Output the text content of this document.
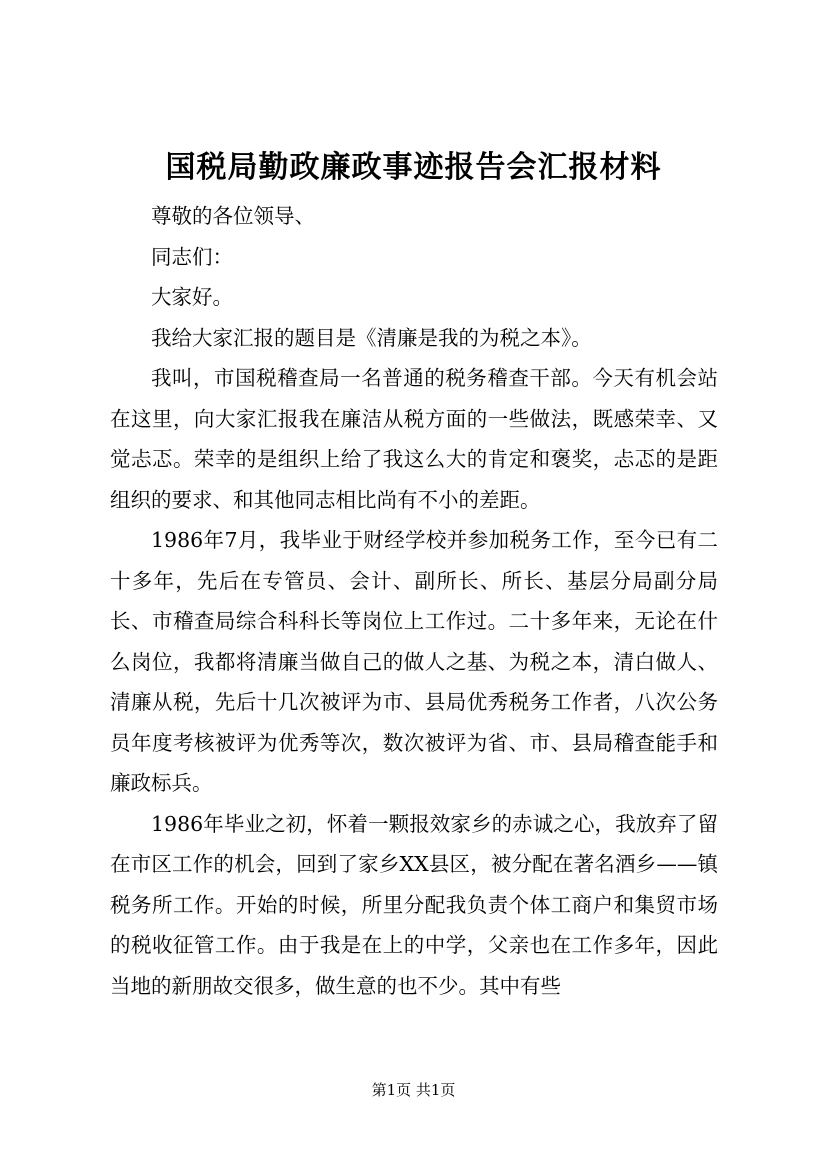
国税局勤政廉政事迹报告会汇报材料

尊敬的各位领导、

同志们：

大家好。

我给大家汇报的题目是《清廉是我的为税之本》。

我叫，市国税稽查局一名普通的税务稽查干部。今天有机会站在这里，向大家汇报我在廉洁从税方面的一些做法，既感荣幸、又觉忐忑。荣幸的是组织上给了我这么大的肯定和褒奖，忐忑的是距组织的要求、和其他同志相比尚有不小的差距。

1986年7月，我毕业于财经学校并参加税务工作，至今已有二十多年，先后在专管员、会计、副所长、所长、基层分局副分局长、市稽查局综合科科长等岗位上工作过。二十多年来，无论在什么岗位，我都将清廉当做自己的做人之基、为税之本，清白做人、清廉从税，先后十几次被评为市、县局优秀税务工作者，八次公务员年度考核被评为优秀等次，数次被评为省、市、县局稽查能手和廉政标兵。

1986年毕业之初，怀着一颗报效家乡的赤诚之心，我放弃了留在市区工作的机会，回到了家乡XX县区，被分配在著名酒乡——镇税务所工作。开始的时候，所里分配我负责个体工商户和集贸市场的税收征管工作。由于我是在上的中学，父亲也在工作多年，因此当地的新朋故交很多，做生意的也不少。其中有些

第1页 共1页
